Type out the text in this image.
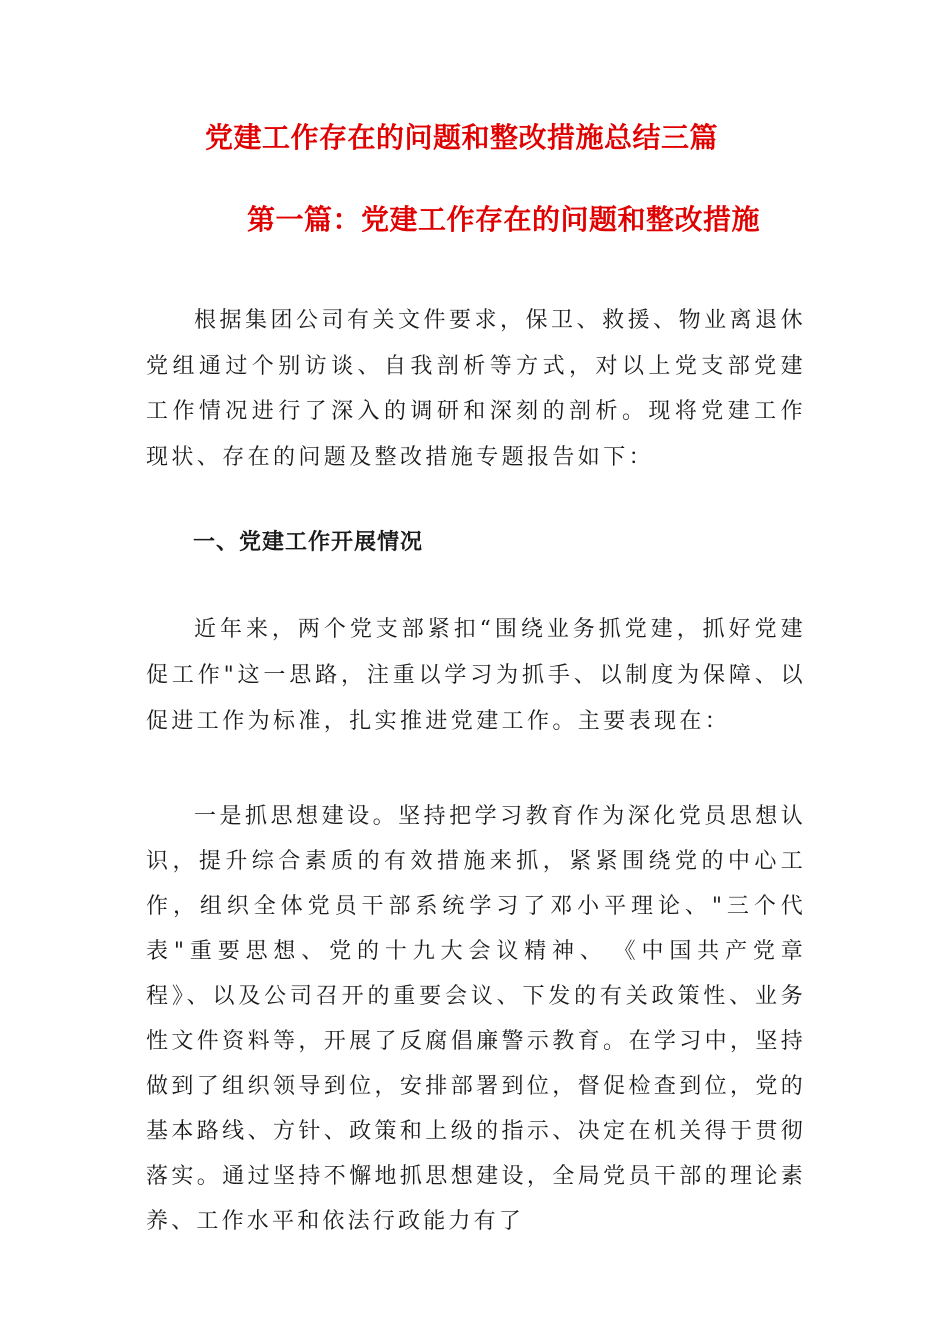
党建工作存在的问题和整改措施总结三篇
第一篇：党建工作存在的问题和整改措施

根据集团公司有关文件要求，保卫、救援、物业离退休党组通过个别访谈、自我剖析等方式，对以上党支部党建工作情况进行了深入的调研和深刻的剖析。现将党建工作现状、存在的问题及整改措施专题报告如下：

一、党建工作开展情况

近年来，两个党支部紧扣“围绕业务抓党建，抓好党建促工作"这一思路，注重以学习为抓手、以制度为保障、以促进工作为标准，扎实推进党建工作。主要表现在：

一是抓思想建设。坚持把学习教育作为深化党员思想认识，提升综合素质的有效措施来抓，紧紧围绕党的中心工作，组织全体党员干部系统学习了邓小平理论、"三个代表"重要思想、党的十九大会议精神、　《中国共产党章程》、以及公司召开的重要会议、下发的有关政策性、业务性文件资料等，开展了反腐倡廉警示教育。在学习中，坚持做到了组织领导到位，安排部署到位，督促检查到位，党的基本路线、方针、政策和上级的指示、决定在机关得于贯彻落实。通过坚持不懈地抓思想建设，全局党员干部的理论素养、工作水平和依法行政能力有了
